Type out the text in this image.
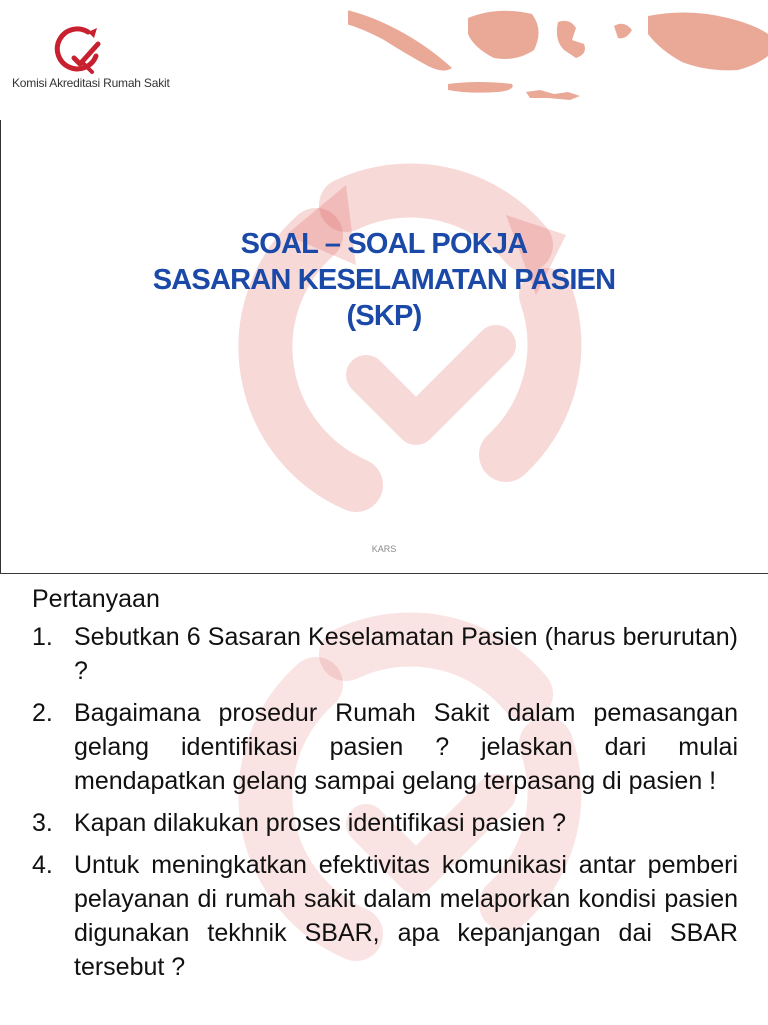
Komisi Akreditasi Rumah Sakit
SOAL – SOAL POKJA
SASARAN KESELAMATAN PASIEN
(SKP)
KARS
Pertanyaan
1. Sebutkan 6 Sasaran Keselamatan Pasien (harus berurutan) ?
2. Bagaimana prosedur Rumah Sakit dalam pemasangan gelang identifikasi pasien ? jelaskan dari mulai mendapatkan gelang sampai gelang terpasang di pasien !
3. Kapan dilakukan proses identifikasi pasien ?
4. Untuk meningkatkan efektivitas komunikasi antar pemberi pelayanan di rumah sakit dalam melaporkan kondisi pasien digunakan tekhnik SBAR, apa kepanjangan dai SBAR tersebut ?
